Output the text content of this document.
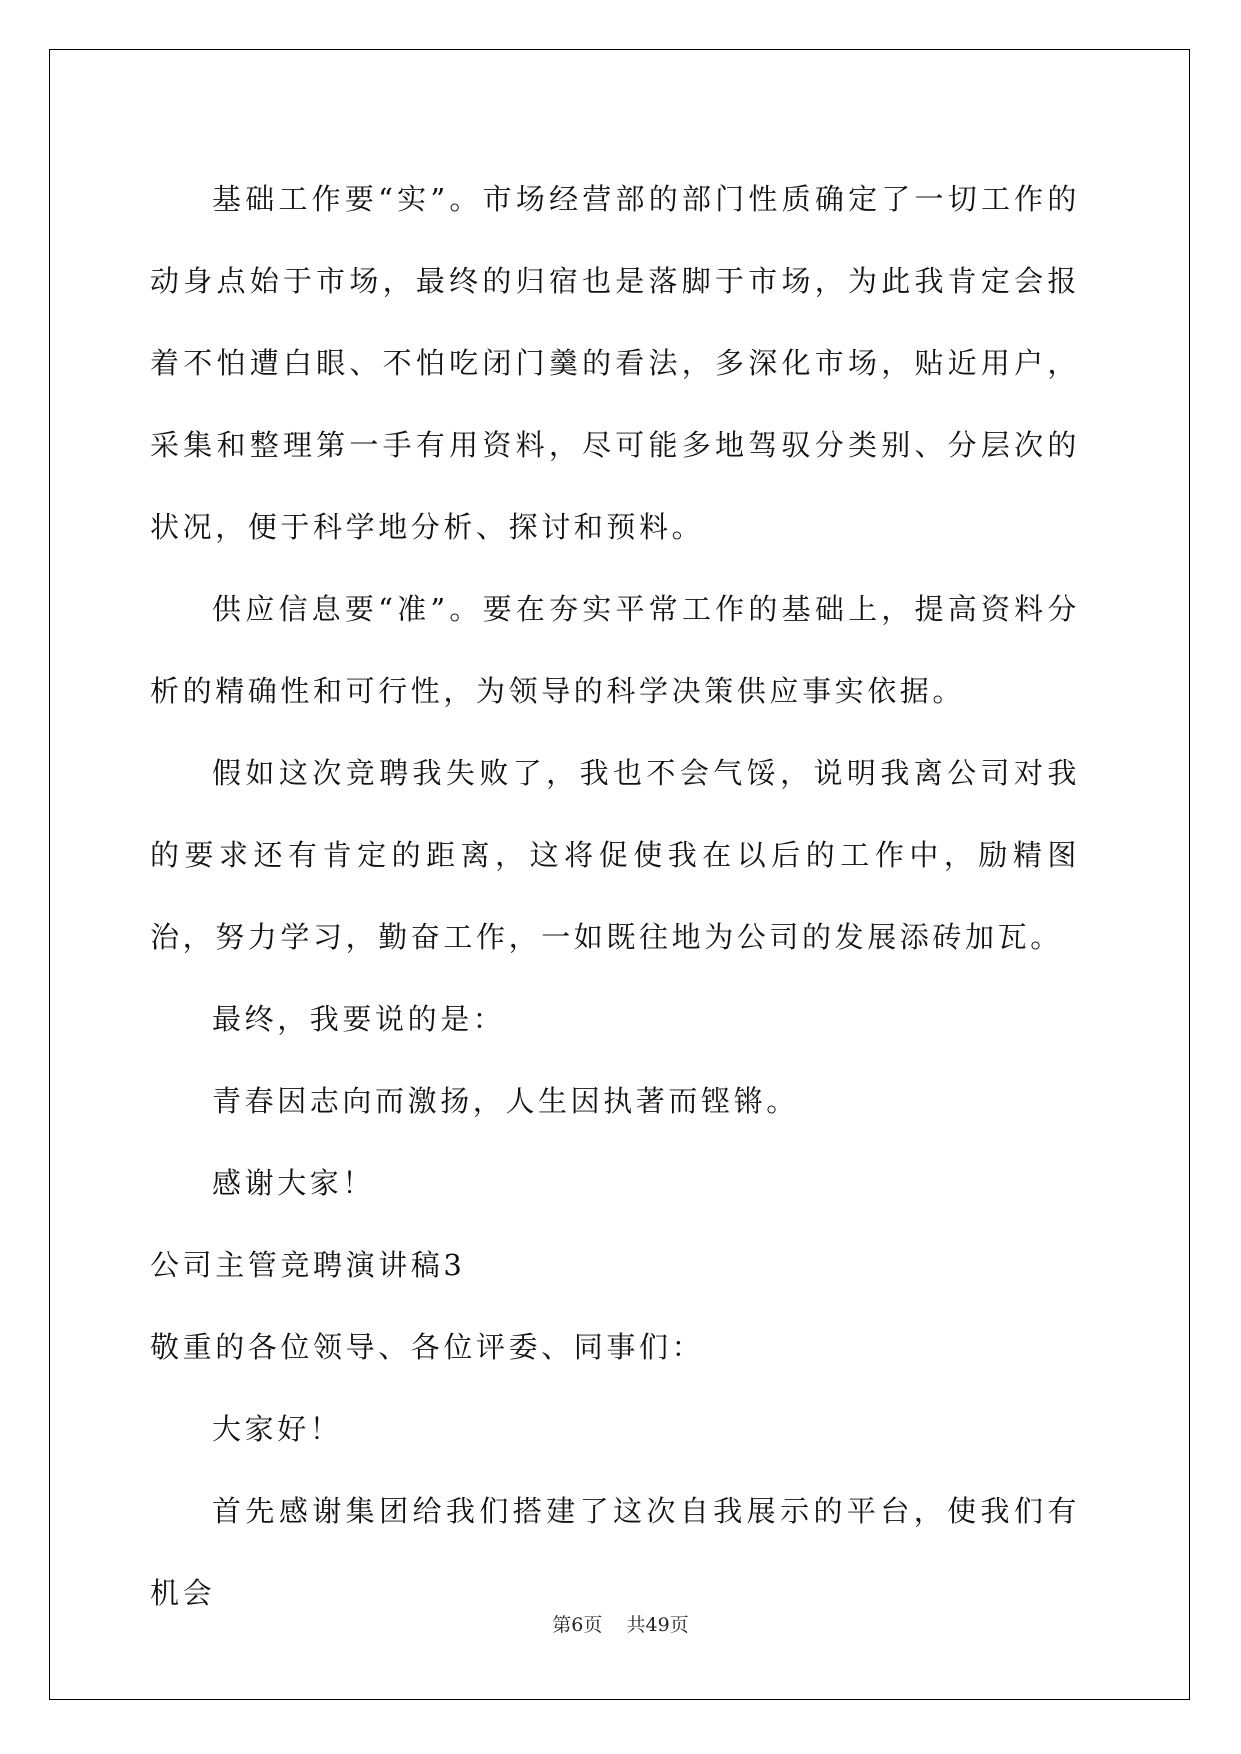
基础工作要“实”。市场经营部的部门性质确定了一切工作的动身点始于市场，最终的归宿也是落脚于市场，为此我肯定会报着不怕遭白眼、不怕吃闭门羹的看法，多深化市场，贴近用户，采集和整理第一手有用资料，尽可能多地驾驭分类别、分层次的状况，便于科学地分析、探讨和预料。

供应信息要“准”。要在夯实平常工作的基础上，提高资料分析的精确性和可行性，为领导的科学决策供应事实依据。

假如这次竞聘我失败了，我也不会气馁，说明我离公司对我的要求还有肯定的距离，这将促使我在以后的工作中，励精图治，努力学习，勤奋工作，一如既往地为公司的发展添砖加瓦。

最终，我要说的是：

青春因志向而激扬，人生因执著而铿锵。

感谢大家！

公司主管竞聘演讲稿3

敬重的各位领导、各位评委、同事们：

大家好！

首先感谢集团给我们搭建了这次自我展示的平台，使我们有机会

第6页 共49页
